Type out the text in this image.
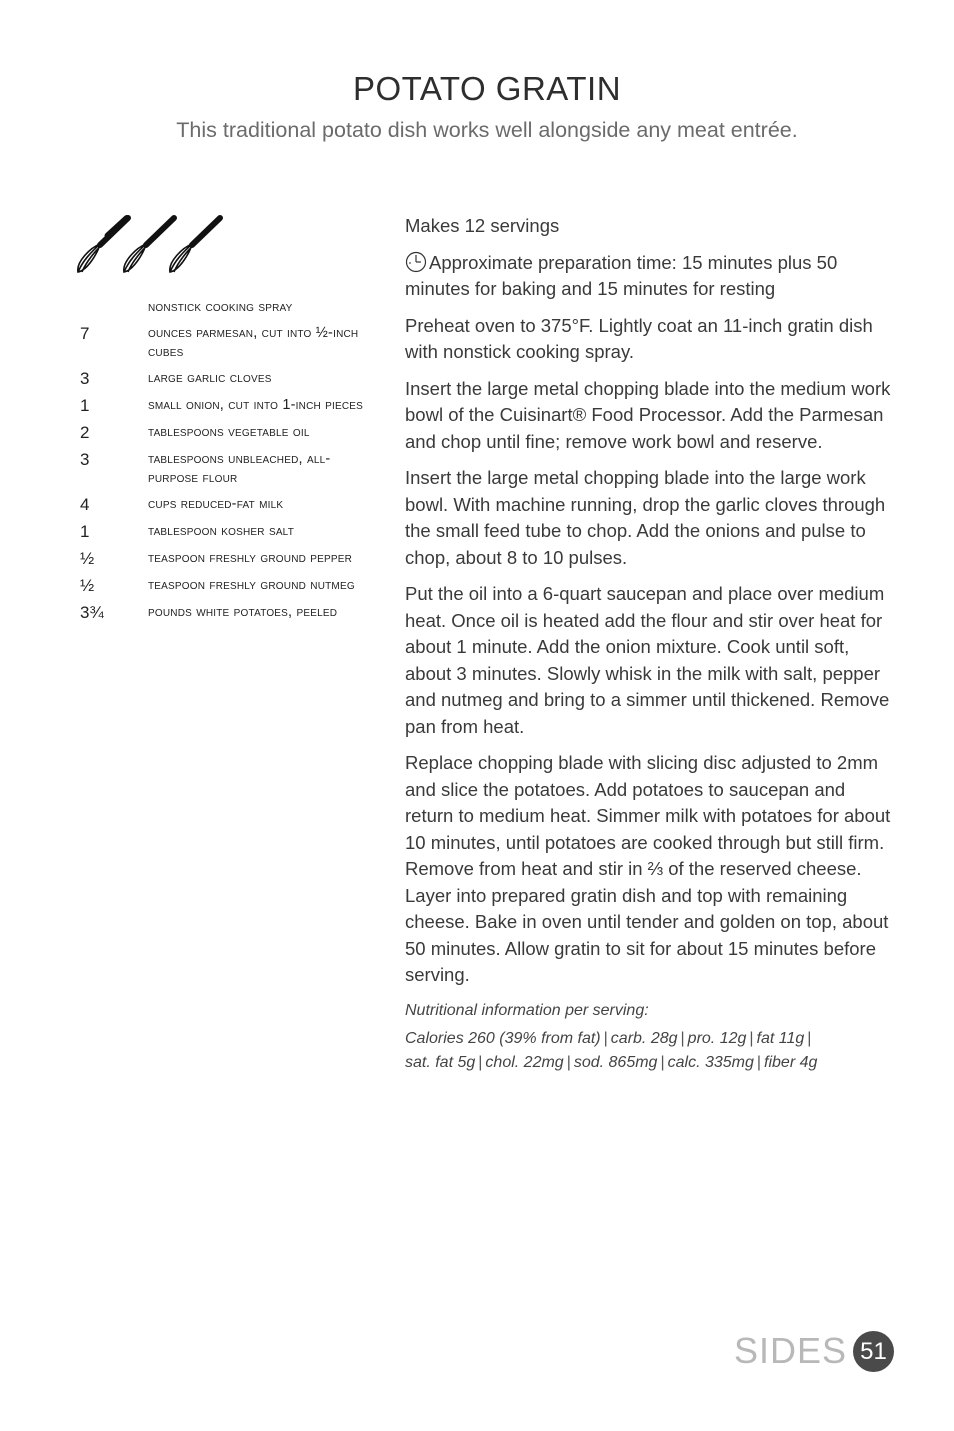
POTATO GRATIN
This traditional potato dish works well alongside any meat entrée.
nonstick cooking spray
7	ounces parmesan, cut into ½-inch cubes
3	large garlic cloves
1	small onion, cut into 1-inch pieces
2	tablespoons vegetable oil
3	tablespoons unbleached, all-purpose flour
4	cups reduced-fat milk
1	tablespoon kosher salt
½	teaspoon freshly ground pepper
½	teaspoon freshly ground nutmeg
3¾	pounds white potatoes, peeled

Makes 12 servings

Approximate preparation time: 15 minutes plus 50 minutes for baking and 15 minutes for resting

Preheat oven to 375°F. Lightly coat an 11-inch gratin dish with nonstick cooking spray.

Insert the large metal chopping blade into the medium work bowl of the Cuisinart® Food Processor. Add the Parmesan and chop until fine; remove work bowl and reserve.

Insert the large metal chopping blade into the large work bowl. With machine running, drop the garlic cloves through the small feed tube to chop. Add the onions and pulse to chop, about 8 to 10 pulses.

Put the oil into a 6-quart saucepan and place over medium heat. Once oil is heated add the flour and stir over heat for about 1 minute. Add the onion mixture. Cook until soft, about 3 minutes. Slowly whisk in the milk with salt, pepper and nutmeg and bring to a simmer until thickened. Remove pan from heat.

Replace chopping blade with slicing disc adjusted to 2mm and slice the potatoes. Add potatoes to saucepan and return to medium heat. Simmer milk with potatoes for about 10 minutes, until potatoes are cooked through but still firm. Remove from heat and stir in ⅔ of the reserved cheese. Layer into prepared gratin dish and top with remaining cheese. Bake in oven until tender and golden on top, about 50 minutes. Allow gratin to sit for about 15 minutes before serving.

Nutritional information per serving:
Calories 260 (39% from fat) | carb. 28g | pro. 12g | fat 11g |
sat. fat 5g | chol. 22mg | sod. 865mg | calc. 335mg | fiber 4g
SIDES 51
